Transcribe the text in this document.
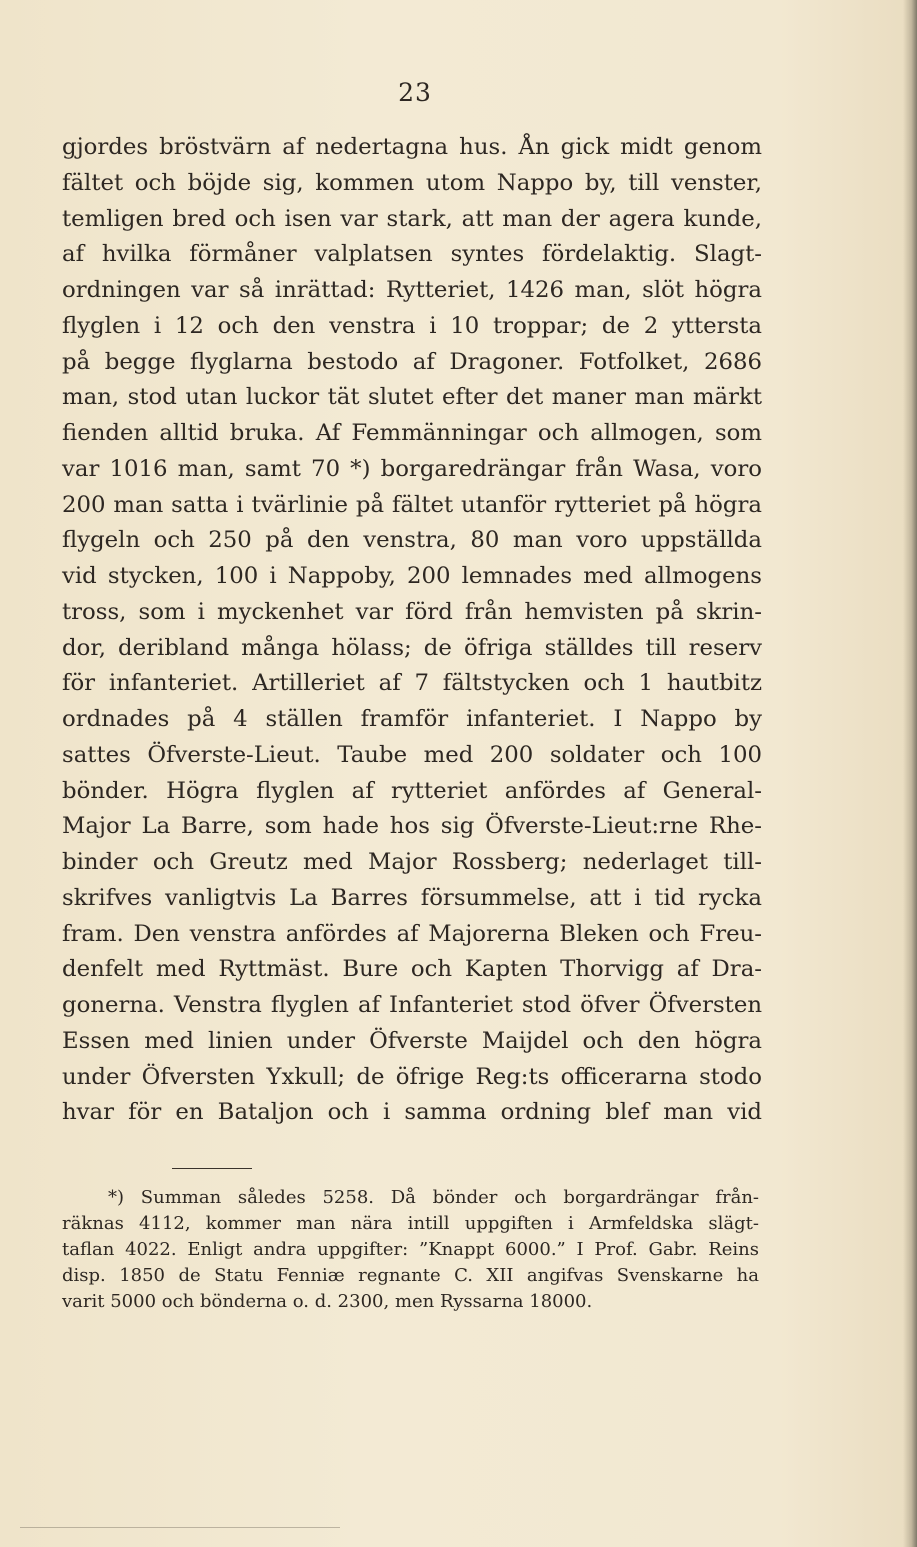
23
gjordes bröstvärn af nedertagna hus. Ån gick midt genom
fältet och böjde sig, kommen utom Nappo by, till venster,
temligen bred och isen var stark, att man der agera kunde,
af hvilka förmåner valplatsen syntes fördelaktig. Slagt-
ordningen var så inrättad: Rytteriet, 1426 man, slöt högra
flyglen i 12 och den venstra i 10 troppar; de 2 yttersta
på begge flyglarna bestodo af Dragoner. Fotfolket, 2686
man, stod utan luckor tät slutet efter det maner man märkt
fienden alltid bruka. Af Femmänningar och allmogen, som
var 1016 man, samt 70 *) borgaredrängar från Wasa, voro
200 man satta i tvärlinie på fältet utanför rytteriet på högra
flygeln och 250 på den venstra, 80 man voro uppställda
vid stycken, 100 i Nappoby, 200 lemnades med allmogens
tross, som i myckenhet var förd från hemvisten på skrin-
dor, deribland många hölass; de öfriga ställdes till reserv
för infanteriet. Artilleriet af 7 fältstycken och 1 hautbitz
ordnades på 4 ställen framför infanteriet. I Nappo by
sattes Öfverste-Lieut. Taube med 200 soldater och 100
bönder. Högra flyglen af rytteriet anfördes af General-
Major La Barre, som hade hos sig Öfverste-Lieut:rne Rhe-
binder och Greutz med Major Rossberg; nederlaget till-
skrifves vanligtvis La Barres försummelse, att i tid rycka
fram. Den venstra anfördes af Majorerna Bleken och Freu-
denfelt med Ryttmäst. Bure och Kapten Thorvigg af Dra-
gonerna. Venstra flyglen af Infanteriet stod öfver Öfversten
Essen med linien under Öfverste Maijdel och den högra
under Öfversten Yxkull; de öfrige Reg:ts officerarna stodo
hvar för en Bataljon och i samma ordning blef man vid
*) Summan således 5258. Då bönder och borgardrängar från-
räknas 4112, kommer man nära intill uppgiften i Armfeldska slägt-
taflan 4022. Enligt andra uppgifter: ”Knappt 6000.” I Prof. Gabr. Reins
disp. 1850 de Statu Fenniæ regnante C. XII angifvas Svenskarne ha
varit 5000 och bönderna o. d. 2300, men Ryssarna 18000.
